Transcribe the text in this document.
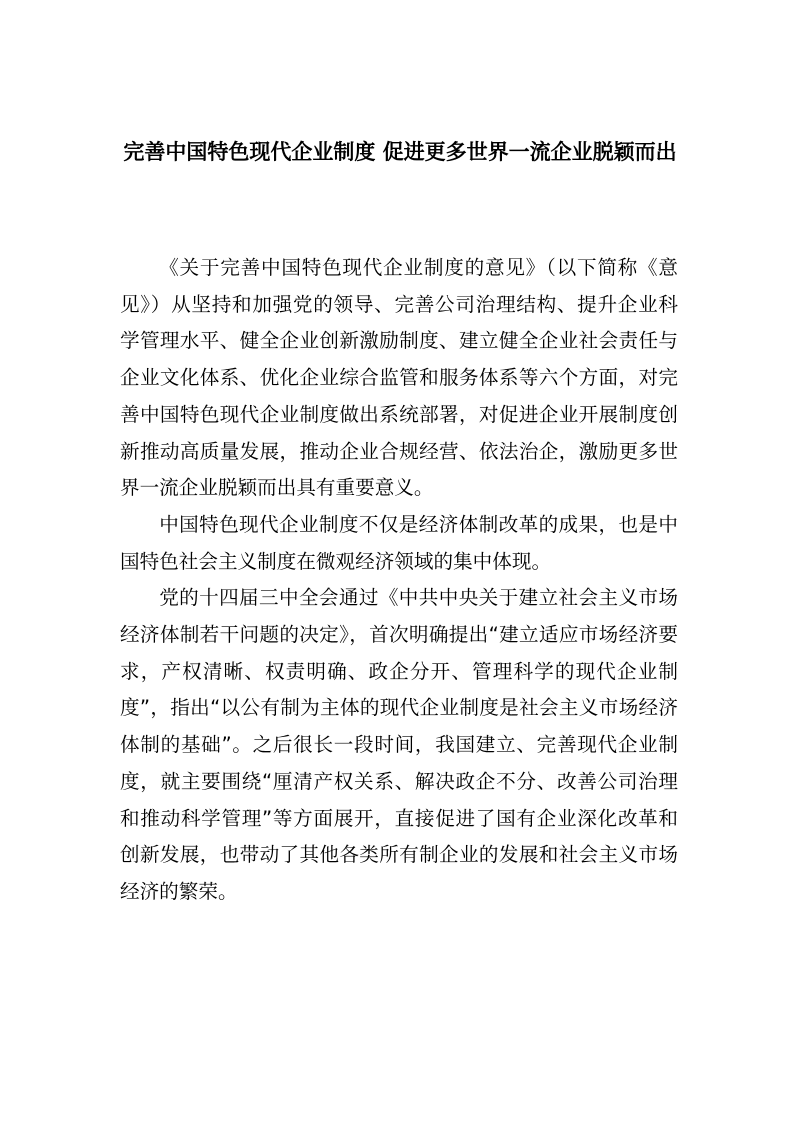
完善中国特色现代企业制度 促进更多世界一流企业脱颖而出

《关于完善中国特色现代企业制度的意见》（以下简称《意见》）从坚持和加强党的领导、完善公司治理结构、提升企业科学管理水平、健全企业创新激励制度、建立健全企业社会责任与企业文化体系、优化企业综合监管和服务体系等六个方面，对完善中国特色现代企业制度做出系统部署，对促进企业开展制度创新推动高质量发展，推动企业合规经营、依法治企，激励更多世界一流企业脱颖而出具有重要意义。

中国特色现代企业制度不仅是经济体制改革的成果，也是中国特色社会主义制度在微观经济领域的集中体现。

党的十四届三中全会通过《中共中央关于建立社会主义市场经济体制若干问题的决定》，首次明确提出“建立适应市场经济要求，产权清晰、权责明确、政企分开、管理科学的现代企业制度”，指出“以公有制为主体的现代企业制度是社会主义市场经济体制的基础”。之后很长一段时间，我国建立、完善现代企业制度，就主要围绕“厘清产权关系、解决政企不分、改善公司治理和推动科学管理”等方面展开，直接促进了国有企业深化改革和创新发展，也带动了其他各类所有制企业的发展和社会主义市场经济的繁荣。
